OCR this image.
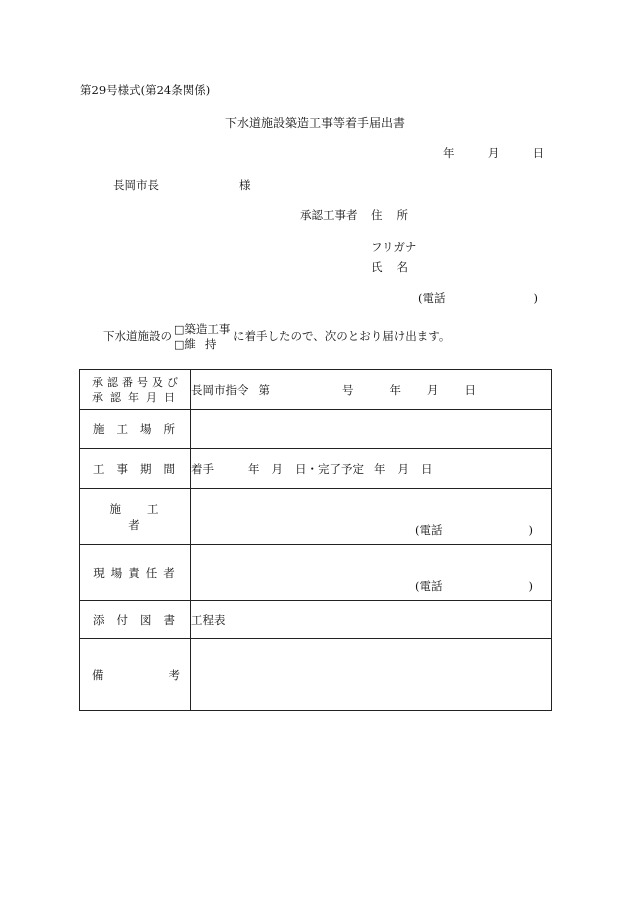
第29号様式(第24条関係)
下水道施設築造工事等着手届出書
年	月	日
長岡市長	様
承認工事者 住所
フリガナ
氏名
(電話	)
下水道施設の □築造工事
□維持
に着手したので、次のとおり届け出ます。
承認番号及び
承認年月日	長岡市指令 第 号 年 月 日

施工場所	

工事期間	着手 年 月 日・完了予定 年 月 日

施工者	(電話 )

現場責任者	(電話 )

添付図書	工程表

備 考	
